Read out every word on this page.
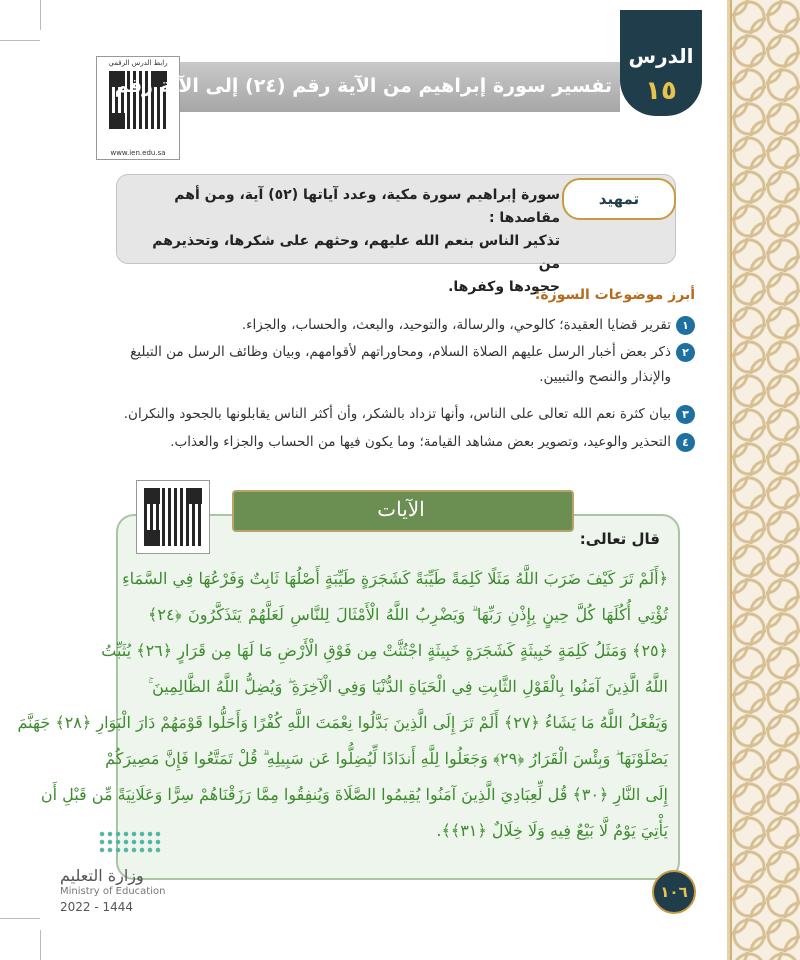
رابط الدرس الرقمي
www.ien.edu.sa
تفسير سورة إبراهيم من الآية رقم (٢٤) إلى الآية رقم (٣١)
الدرس
١٥
تمهيد
سورة إبراهيم سورة مكية، وعدد آياتها (٥٢) آية، ومن أهم مقاصدها :
تذكير الناس بنعم الله عليهم، وحثهم على شكرها، وتحذيرهم من
جحودها وكفرها.
أبرز موضوعات السورة:
١
تقرير قضايا العقيدة؛ كالوحي، والرسالة، والتوحيد، والبعث، والحساب، والجزاء.
٢
ذكر بعض أخبار الرسل عليهم الصلاة السلام، ومحاوراتهم لأقوامهم، وبيان وظائف الرسل من التبليغ والإنذار والنصح والتبيين.
٣
بيان كثرة نعم الله تعالى على الناس، وأنها تزداد بالشكر، وأن أكثر الناس يقابلونها بالجحود والنكران.
٤
التحذير والوعيد، وتصوير بعض مشاهد القيامة؛ وما يكون فيها من الحساب والجزاء والعذاب.
الآيات
قال تعالى:
﴿أَلَمْ تَرَ كَيْفَ ضَرَبَ اللَّهُ مَثَلًا كَلِمَةً طَيِّبَةً كَشَجَرَةٍ طَيِّبَةٍ أَصْلُهَا ثَابِتٌ وَفَرْعُهَا فِي السَّمَاءِ
تُؤْتِي أُكُلَهَا كُلَّ حِينٍ بِإِذْنِ رَبِّهَا ۗ وَيَضْرِبُ اللَّهُ الْأَمْثَالَ لِلنَّاسِ لَعَلَّهُمْ يَتَذَكَّرُونَ ﴿٢٤﴾
﴿٢٥﴾ وَمَثَلُ كَلِمَةٍ خَبِيثَةٍ كَشَجَرَةٍ خَبِيثَةٍ اجْتُثَّتْ مِن فَوْقِ الْأَرْضِ مَا لَهَا مِن قَرَارٍ ﴿٢٦﴾ يُثَبِّتُ
اللَّهُ الَّذِينَ آمَنُوا بِالْقَوْلِ الثَّابِتِ فِي الْحَيَاةِ الدُّنْيَا وَفِي الْآخِرَةِ ۖ وَيُضِلُّ اللَّهُ الظَّالِمِينَ ۚ
وَيَفْعَلُ اللَّهُ مَا يَشَاءُ ﴿٢٧﴾ أَلَمْ تَرَ إِلَى الَّذِينَ بَدَّلُوا نِعْمَتَ اللَّهِ كُفْرًا وَأَحَلُّوا قَوْمَهُمْ دَارَ الْبَوَارِ ﴿٢٨﴾ جَهَنَّمَ
يَصْلَوْنَهَا ۖ وَبِئْسَ الْقَرَارُ ﴿٢٩﴾ وَجَعَلُوا لِلَّهِ أَندَادًا لِّيُضِلُّوا عَن سَبِيلِهِ ۗ قُلْ تَمَتَّعُوا فَإِنَّ مَصِيرَكُمْ
إِلَى النَّارِ ﴿٣٠﴾ قُل لِّعِبَادِيَ الَّذِينَ آمَنُوا يُقِيمُوا الصَّلَاةَ وَيُنفِقُوا مِمَّا رَزَقْنَاهُمْ سِرًّا وَعَلَانِيَةً مِّن قَبْلِ أَن
يَأْتِيَ يَوْمٌ لَّا بَيْعٌ فِيهِ وَلَا خِلَالٌ ﴿٣١﴾﴾.
وزارة التعليم
Ministry of Education
2022 - 1444
١٠٦
